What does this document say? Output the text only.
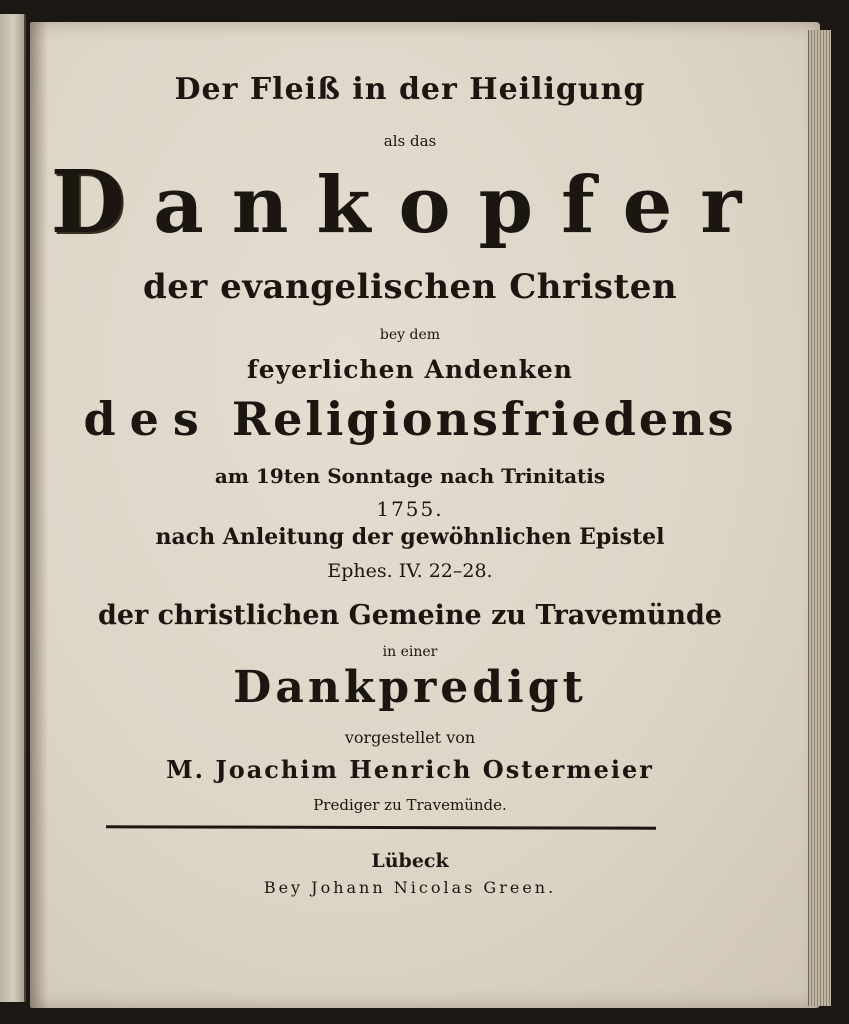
Der Fleiß in der Heiligung
als das
Dankopfer
der evangelischen Christen
bey dem
feyerlichen Andenken
des Religionsfriedens
am 19ten Sonntage nach Trinitatis
1755.
nach Anleitung der gewöhnlichen Epistel
Ephes. IV. 22–28.
der christlichen Gemeine zu Travemünde
in einer
Dankpredigt
vorgestellet von
M. Joachim Henrich Ostermeier
Prediger zu Travemünde.
Lübeck
Bey Johann Nicolas Green.
